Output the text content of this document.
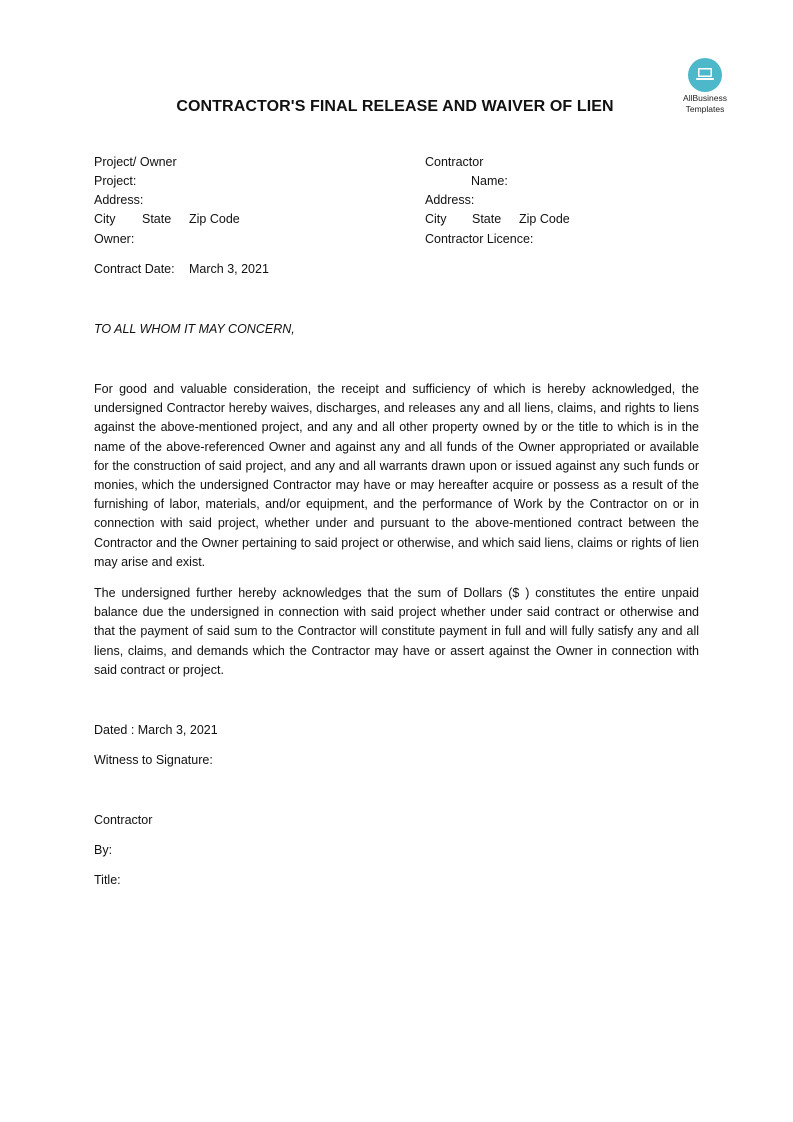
AllBusiness
Templates
CONTRACTOR'S FINAL RELEASE AND WAIVER OF LIEN
Project/ Owner
Project:
Address:
City State Zip Code
Owner:
Contractor
Name:
Address:
City State Zip Code
Contractor Licence:
Contract Date: March 3, 2021
TO ALL WHOM IT MAY CONCERN,
For good and valuable consideration, the receipt and sufficiency of which is hereby acknowledged, the undersigned Contractor hereby waives, discharges, and releases any and all liens, claims, and rights to liens against the above-mentioned project, and any and all other property owned by or the title to which is in the name of the above-referenced Owner and against any and all funds of the Owner appropriated or available for the construction of said project, and any and all warrants drawn upon or issued against any such funds or monies, which the undersigned Contractor may have or may hereafter acquire or possess as a result of the furnishing of labor, materials, and/or equipment, and the performance of Work by the Contractor on or in connection with said project, whether under and pursuant to the above-mentioned contract between the Contractor and the Owner pertaining to said project or otherwise, and which said liens, claims or rights of lien may arise and exist.
The undersigned further hereby acknowledges that the sum of Dollars ($ ) constitutes the entire unpaid balance due the undersigned in connection with said project whether under said contract or otherwise and that the payment of said sum to the Contractor will constitute payment in full and will fully satisfy any and all liens, claims, and demands which the Contractor may have or assert against the Owner in connection with said contract or project.
Dated : March 3, 2021
Witness to Signature:
Contractor
By:
Title:
